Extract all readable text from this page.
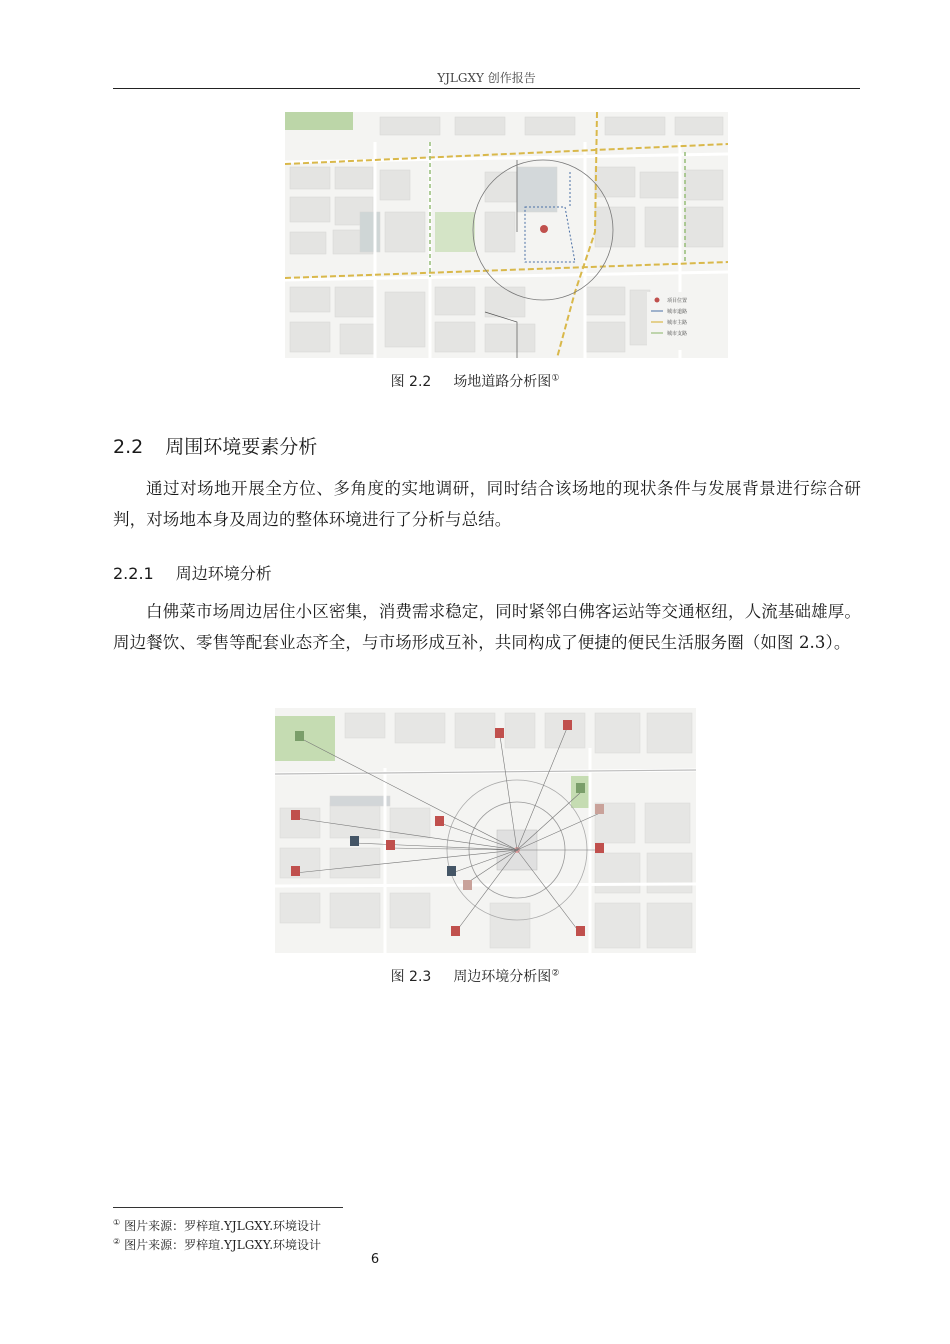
YJLGXY 创作报告
项目位置
城市道路
城市主路
城市支路
图 2.2 场地道路分析图①
2.2 周围环境要素分析
通过对场地开展全方位、多角度的实地调研，同时结合该场地的现状条件与发展背景进行综合研判，对场地本身及周边的整体环境进行了分析与总结。
2.2.1 周边环境分析
白佛菜市场周边居住小区密集，消费需求稳定，同时紧邻白佛客运站等交通枢纽，人流基础雄厚。周边餐饮、零售等配套业态齐全，与市场形成互补，共同构成了便捷的便民生活服务圈（如图 2.3）。
图 2.3 周边环境分析图②
① 图片来源：罗梓瑄.YJLGXY.环境设计
② 图片来源：罗梓瑄.YJLGXY.环境设计
6
